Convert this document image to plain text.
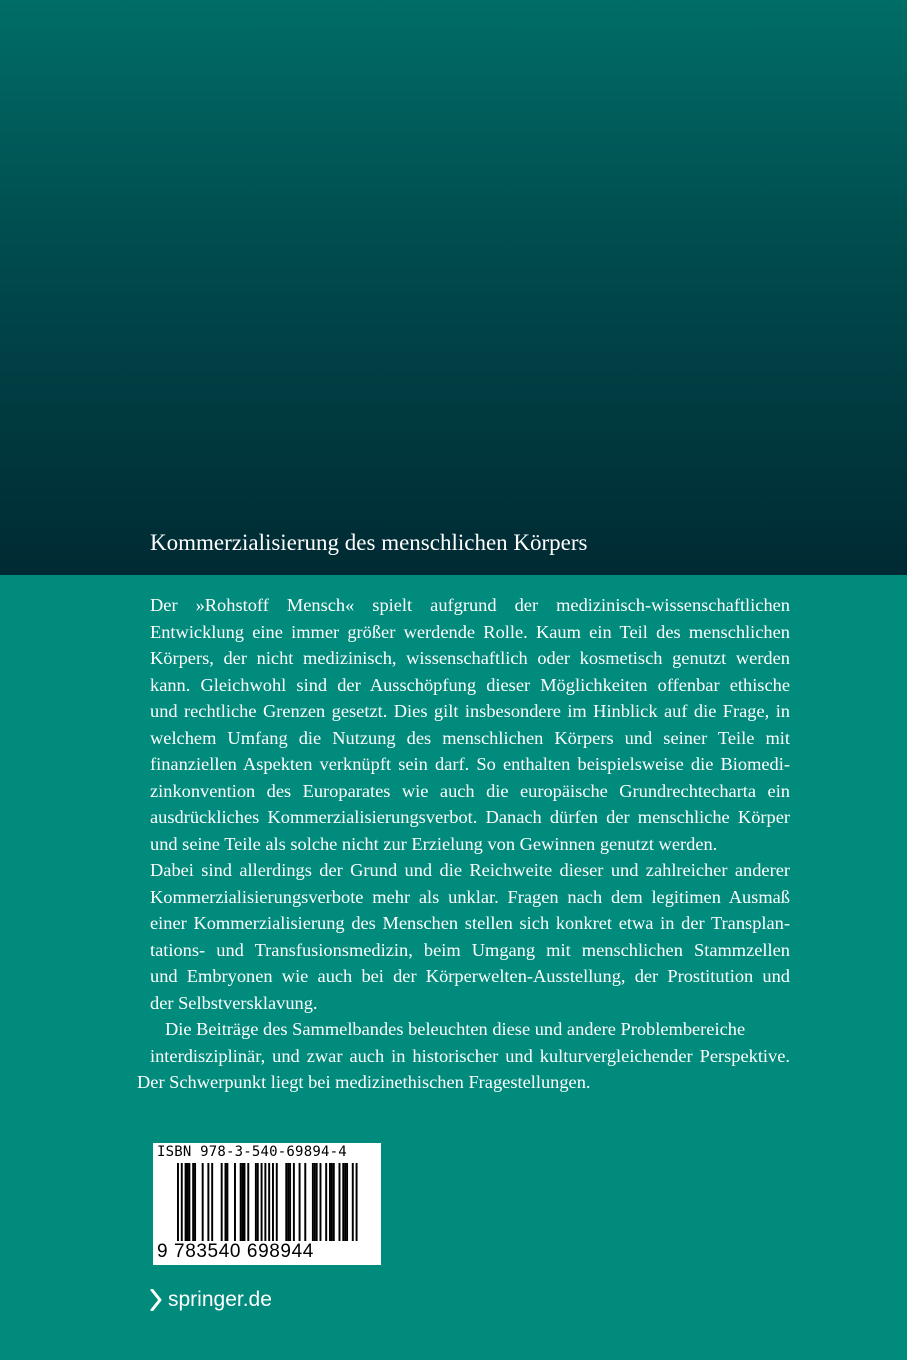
Kommerzialisierung des menschlichen Körpers
Der »Rohstoff Mensch« spielt aufgrund der medizinisch-wissenschaftlichen
Entwicklung eine immer größer werdende Rolle. Kaum ein Teil des menschlichen
Körpers, der nicht medizinisch, wissenschaftlich oder kosmetisch genutzt werden
kann. Gleichwohl sind der Ausschöpfung dieser Möglichkeiten offenbar ethische
und rechtliche Grenzen gesetzt. Dies gilt insbesondere im Hinblick auf die Frage, in
welchem Umfang die Nutzung des menschlichen Körpers und seiner Teile mit
finanziellen Aspekten verknüpft sein darf. So enthalten beispielsweise die Biomedi-
zinkonvention des Europarates wie auch die europäische Grundrechtecharta ein
ausdrückliches Kommerzialisierungsverbot. Danach dürfen der menschliche Körper
und seine Teile als solche nicht zur Erzielung von Gewinnen genutzt werden.
Dabei sind allerdings der Grund und die Reichweite dieser und zahlreicher anderer
Kommerzialisierungsverbote mehr als unklar. Fragen nach dem legitimen Ausmaß
einer Kommerzialisierung des Menschen stellen sich konkret etwa in der Transplan-
tations- und Transfusionsmedizin, beim Umgang mit menschlichen Stammzellen
und Embryonen wie auch bei der Körperwelten-Ausstellung, der Prostitution und
der Selbstversklavung.
Die Beiträge des Sammelbandes beleuchten diese und andere Problembereiche
interdisziplinär, und zwar auch in historischer und kulturvergleichender Perspektive.
Der Schwerpunkt liegt bei medizinethischen Fragestellungen.
ISBN 978-3-540-69894-4
9 783540 698944
springer.de
